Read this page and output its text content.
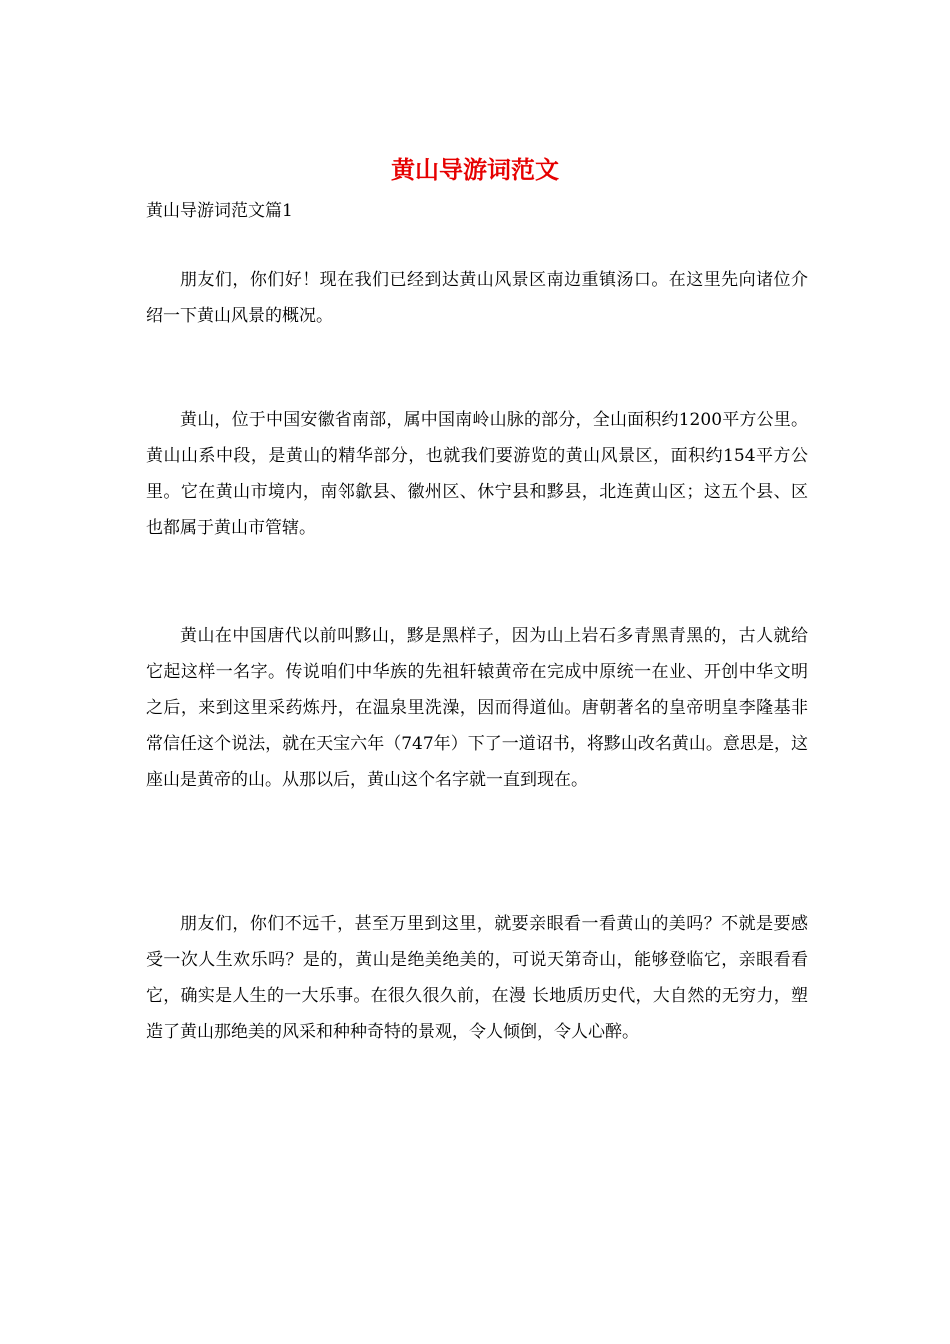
黄山导游词范文

黄山导游词范文篇1

朋友们，你们好！现在我们已经到达黄山风景区南边重镇汤口。在这里先向诸位介绍一下黄山风景的概况。

黄山，位于中国安徽省南部，属中国南岭山脉的部分，全山面积约1200平方公里。黄山山系中段，是黄山的精华部分，也就我们要游览的黄山风景区，面积约154平方公里。它在黄山市境内，南邻歙县、徽州区、休宁县和黟县，北连黄山区；这五个县、区也都属于黄山市管辖。

黄山在中国唐代以前叫黟山，黟是黑样子，因为山上岩石多青黑青黑的，古人就给它起这样一名字。传说咱们中华族的先祖轩辕黄帝在完成中原统一在业、开创中华文明之后，来到这里采药炼丹，在温泉里洗澡，因而得道仙。唐朝著名的皇帝明皇李隆基非常信任这个说法，就在天宝六年（747年）下了一道诏书，将黟山改名黄山。意思是，这座山是黄帝的山。从那以后，黄山这个名字就一直到现在。

朋友们，你们不远千，甚至万里到这里，就要亲眼看一看黄山的美吗？不就是要感受一次人生欢乐吗？是的，黄山是绝美绝美的，可说天第奇山，能够登临它，亲眼看看它，确实是人生的一大乐事。在很久很久前，在漫 长地质历史代，大自然的无穷力，塑造了黄山那绝美的风采和种种奇特的景观，令人倾倒，令人心醉。
